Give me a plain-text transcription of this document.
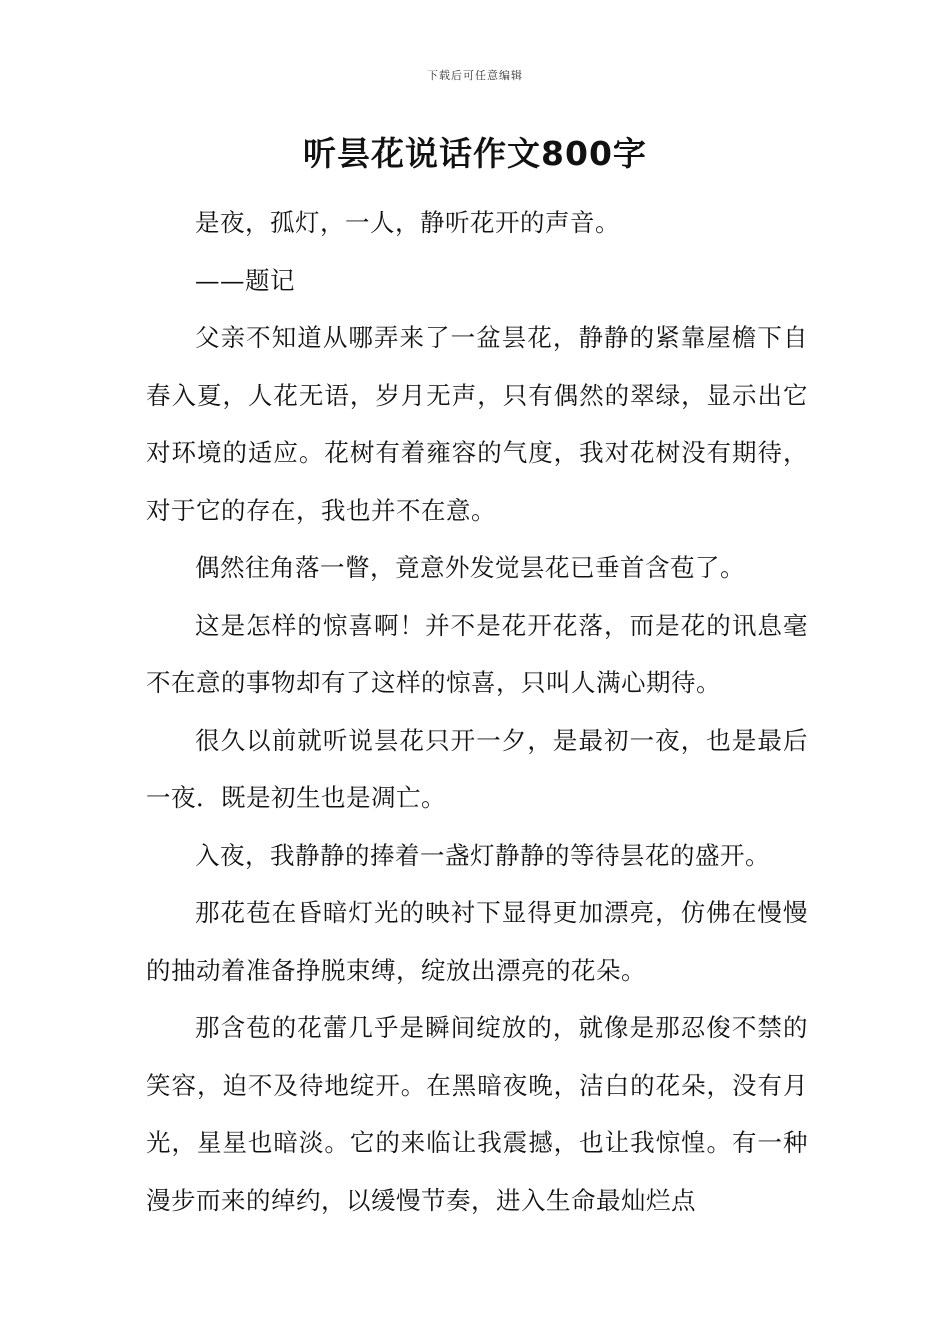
下载后可任意编辑
听昙花说话作文800字

是夜，孤灯，一人，静听花开的声音。

——题记

父亲不知道从哪弄来了一盆昙花，静静的紧靠屋檐下自春入夏，人花无语，岁月无声，只有偶然的翠绿，显示出它对环境的适应。花树有着雍容的气度，我对花树没有期待，对于它的存在，我也并不在意。

偶然往角落一瞥，竟意外发觉昙花已垂首含苞了。

这是怎样的惊喜啊！并不是花开花落，而是花的讯息毫不在意的事物却有了这样的惊喜，只叫人满心期待。

很久以前就听说昙花只开一夕，是最初一夜，也是最后一夜．既是初生也是凋亡。

入夜，我静静的捧着一盏灯静静的等待昙花的盛开。

那花苞在昏暗灯光的映衬下显得更加漂亮，仿佛在慢慢的抽动着准备挣脱束缚，绽放出漂亮的花朵。

那含苞的花蕾几乎是瞬间绽放的，就像是那忍俊不禁的笑容，迫不及待地绽开。在黑暗夜晚，洁白的花朵，没有月光，星星也暗淡。它的来临让我震撼，也让我惊惶。有一种漫步而来的绰约，以缓慢节奏，进入生命最灿烂点
